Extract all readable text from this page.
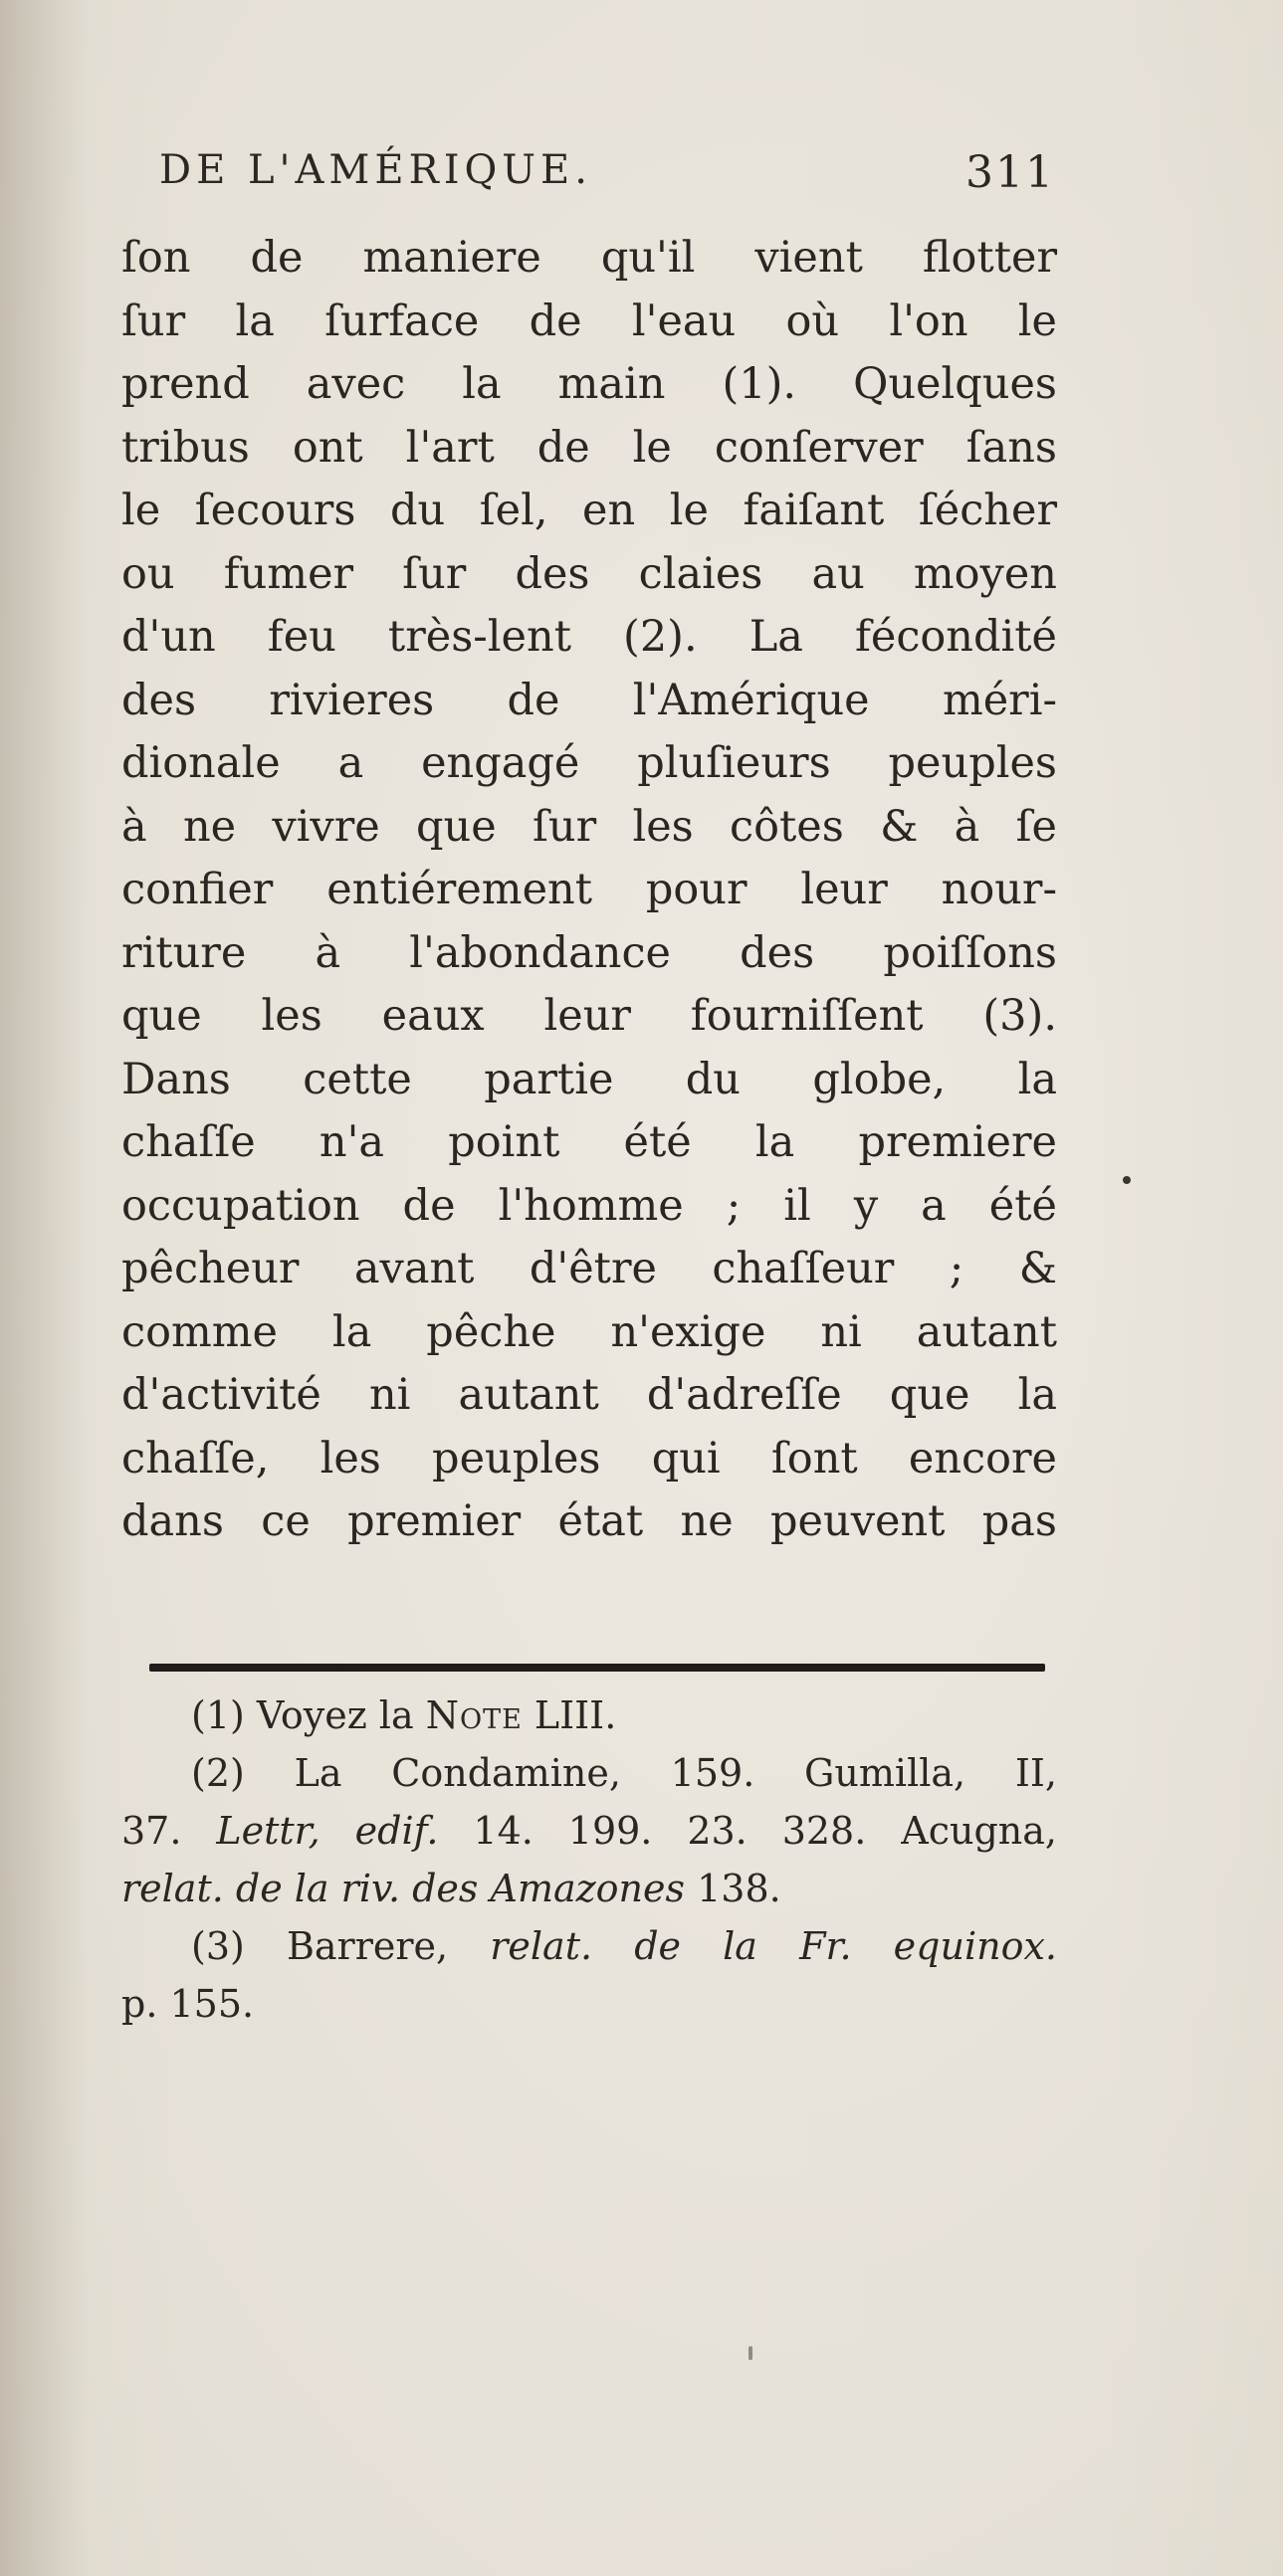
DE L'AMÉRIQUE.	311
ſon de maniere qu'il vient flotter
ſur la ſurface de l'eau où l'on le
prend avec la main (1). Quelques
tribus ont l'art de le conſerver ſans
le ſecours du ſel, en le faiſant ſécher
ou fumer ſur des claies au moyen
d'un feu très-lent (2). La fécondité
des rivieres de l'Amérique méri-
dionale a engagé pluſieurs peuples
à ne vivre que ſur les côtes & à ſe
confier entiérement pour leur nour-
riture à l'abondance des poiſſons
que les eaux leur fourniſſent (3).
Dans cette partie du globe, la
chaſſe n'a point été la premiere
occupation de l'homme ; il y a été
pêcheur avant d'être chaſſeur ; &
comme la pêche n'exige ni autant
d'activité ni autant d'adreſſe que la
chaſſe, les peuples qui ſont encore
dans ce premier état ne peuvent pas
(1) Voyez la Note LIII.
(2) La Condamine, 159. Gumilla, II,
37. Lettr, edif. 14. 199. 23. 328. Acugna,
relat. de la riv. des Amazones 138.
(3) Barrere, relat. de la Fr. equinox.
p. 155.
